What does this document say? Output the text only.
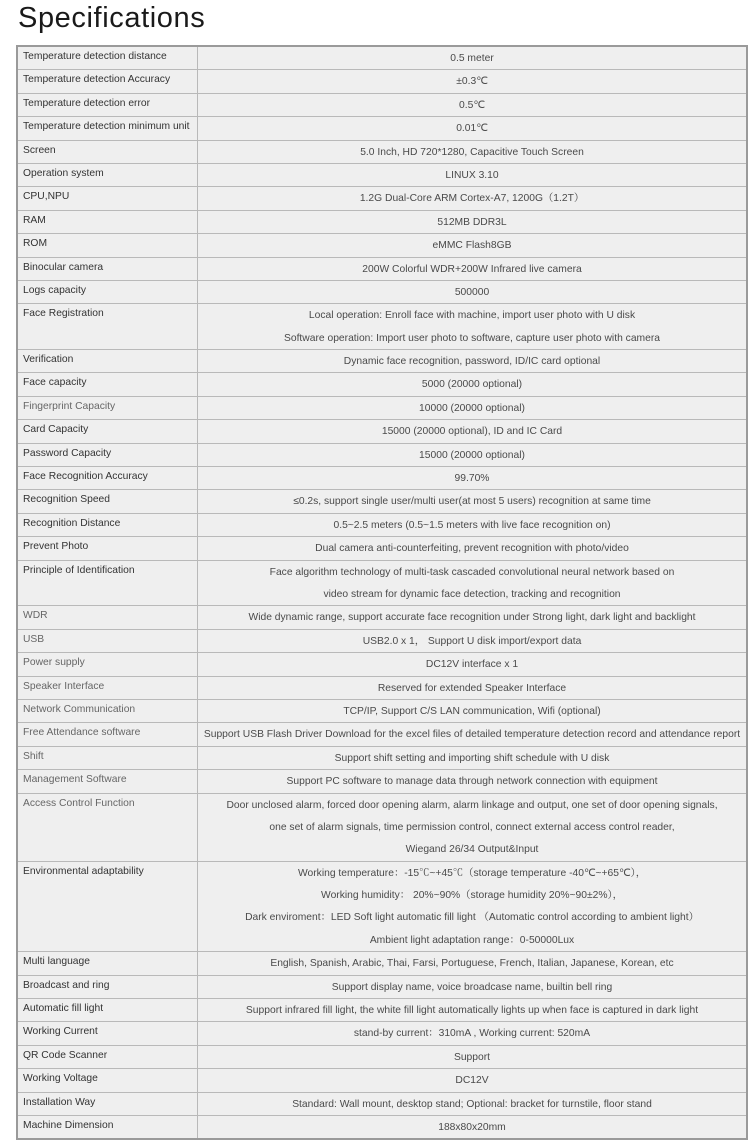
Specifications
Temperature detection distance	0.5 meter

Temperature detection Accuracy	±0.3℃

Temperature detection error	0.5℃

Temperature detection minimum unit	0.01℃

Screen	5.0 Inch, HD 720*1280, Capacitive Touch Screen

Operation system	LINUX 3.10

CPU,NPU	1.2G Dual-Core ARM Cortex-A7, 1200G（1.2T）

RAM	512MB DDR3L

ROM	eMMC Flash8GB

Binocular camera	200W Colorful WDR+200W Infrared live camera

Logs capacity	500000

Face Registration	Local operation: Enroll face with machine, import user photo with U disk
Software operation: Import user photo to software, capture user photo with camera

Verification	Dynamic face recognition, password, ID/IC card optional

Face capacity	5000 (20000 optional)

Fingerprint Capacity	10000 (20000 optional)

Card Capacity	15000 (20000 optional), ID and IC Card

Password Capacity	15000 (20000 optional)

Face Recognition Accuracy	99.70%

Recognition Speed	≤0.2s, support single user/multi user(at most 5 users) recognition at same time

Recognition Distance	0.5~2.5 meters (0.5~1.5 meters with live face recognition on)

Prevent Photo	Dual camera anti-counterfeiting, prevent recognition with photo/video

Principle of Identification	Face algorithm technology of multi-task cascaded convolutional neural network based on
video stream for dynamic face detection, tracking and recognition

WDR	Wide dynamic range, support accurate face recognition under Strong light, dark light and backlight

USB	USB2.0 x 1， Support U disk import/export data

Power supply	DC12V interface x 1

Speaker Interface	Reserved for extended Speaker Interface

Network Communication	TCP/IP, Support C/S LAN communication, Wifi (optional)

Free Attendance software	Support USB Flash Driver Download for the excel files of detailed temperature detection record and attendance report

Shift	Support shift setting and importing shift schedule with U disk

Management Software	Support PC software to manage data through network connection with equipment

Access Control Function	Door unclosed alarm, forced door opening alarm, alarm linkage and output, one set of door opening signals,
one set of alarm signals, time permission control, connect external access control reader,
Wiegand 26/34 Output&Input

Environmental adaptability	Working temperature：-15℃~+45℃（storage temperature -40℃~+65℃），
Working humidity： 20%~90%（storage humidity 20%~90±2%），
Dark enviroment：LED Soft light automatic fill light （Automatic control according to ambient light）
Ambient light adaptation range：0-50000Lux

Multi language	English, Spanish, Arabic, Thai, Farsi, Portuguese, French, Italian, Japanese, Korean, etc

Broadcast and ring	Support display name, voice broadcase name, builtin bell ring

Automatic fill light	Support infrared fill light, the white fill light automatically lights up when face is captured in dark light

Working Current	stand-by current：310mA , Working current: 520mA

QR Code Scanner	Support

Working Voltage	DC12V

Installation Way	Standard: Wall mount, desktop stand; Optional: bracket for turnstile, floor stand

Machine Dimension	188x80x20mm
